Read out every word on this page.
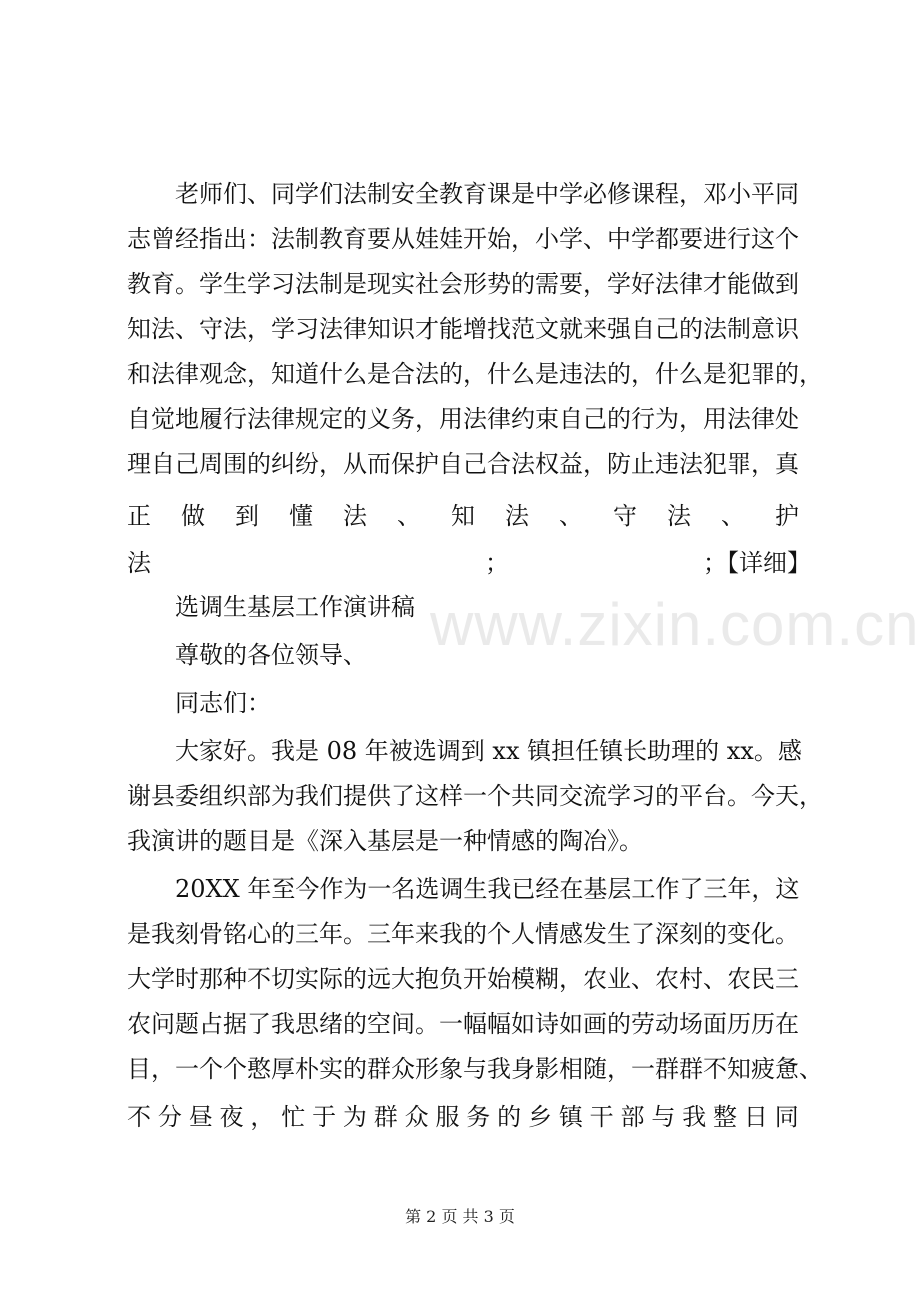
老师们、同学们法制安全教育课是中学必修课程，邓小平同
志曾经指出：法制教育要从娃娃开始，小学、中学都要进行这个
教育。学生学习法制是现实社会形势的需要，学好法律才能做到
知法、守法，学习法律知识才能增找范文就来强自己的法制意识
和法律观念，知道什么是合法的，什么是违法的，什么是犯罪的，
自觉地履行法律规定的义务，用法律约束自己的行为，用法律处
理自己周围的纠纷，从而保护自己合法权益，防止违法犯罪，真
正 做 到 懂 法 、 知 法 、 守 法 、 护
法	；	；【详细】
选调生基层工作演讲稿
尊敬的各位领导、
同志们：
大家好。我是 08 年被选调到 xx 镇担任镇长助理的 xx。感
谢县委组织部为我们提供了这样一个共同交流学习的平台。今天，
我演讲的题目是《深入基层是一种情感的陶冶》。
20XX 年至今作为一名选调生我已经在基层工作了三年，这
是我刻骨铭心的三年。三年来我的个人情感发生了深刻的变化。
大学时那种不切实际的远大抱负开始模糊，农业、农村、农民三
农问题占据了我思绪的空间。一幅幅如诗如画的劳动场面历历在
目，一个个憨厚朴实的群众形象与我身影相随，一群群不知疲惫、
不 分 昼 夜 ， 忙 于 为 群 众 服 务 的 乡 镇 干 部 与 我 整 日 同
www.zixin.com.cn
第 2 页 共 3 页
